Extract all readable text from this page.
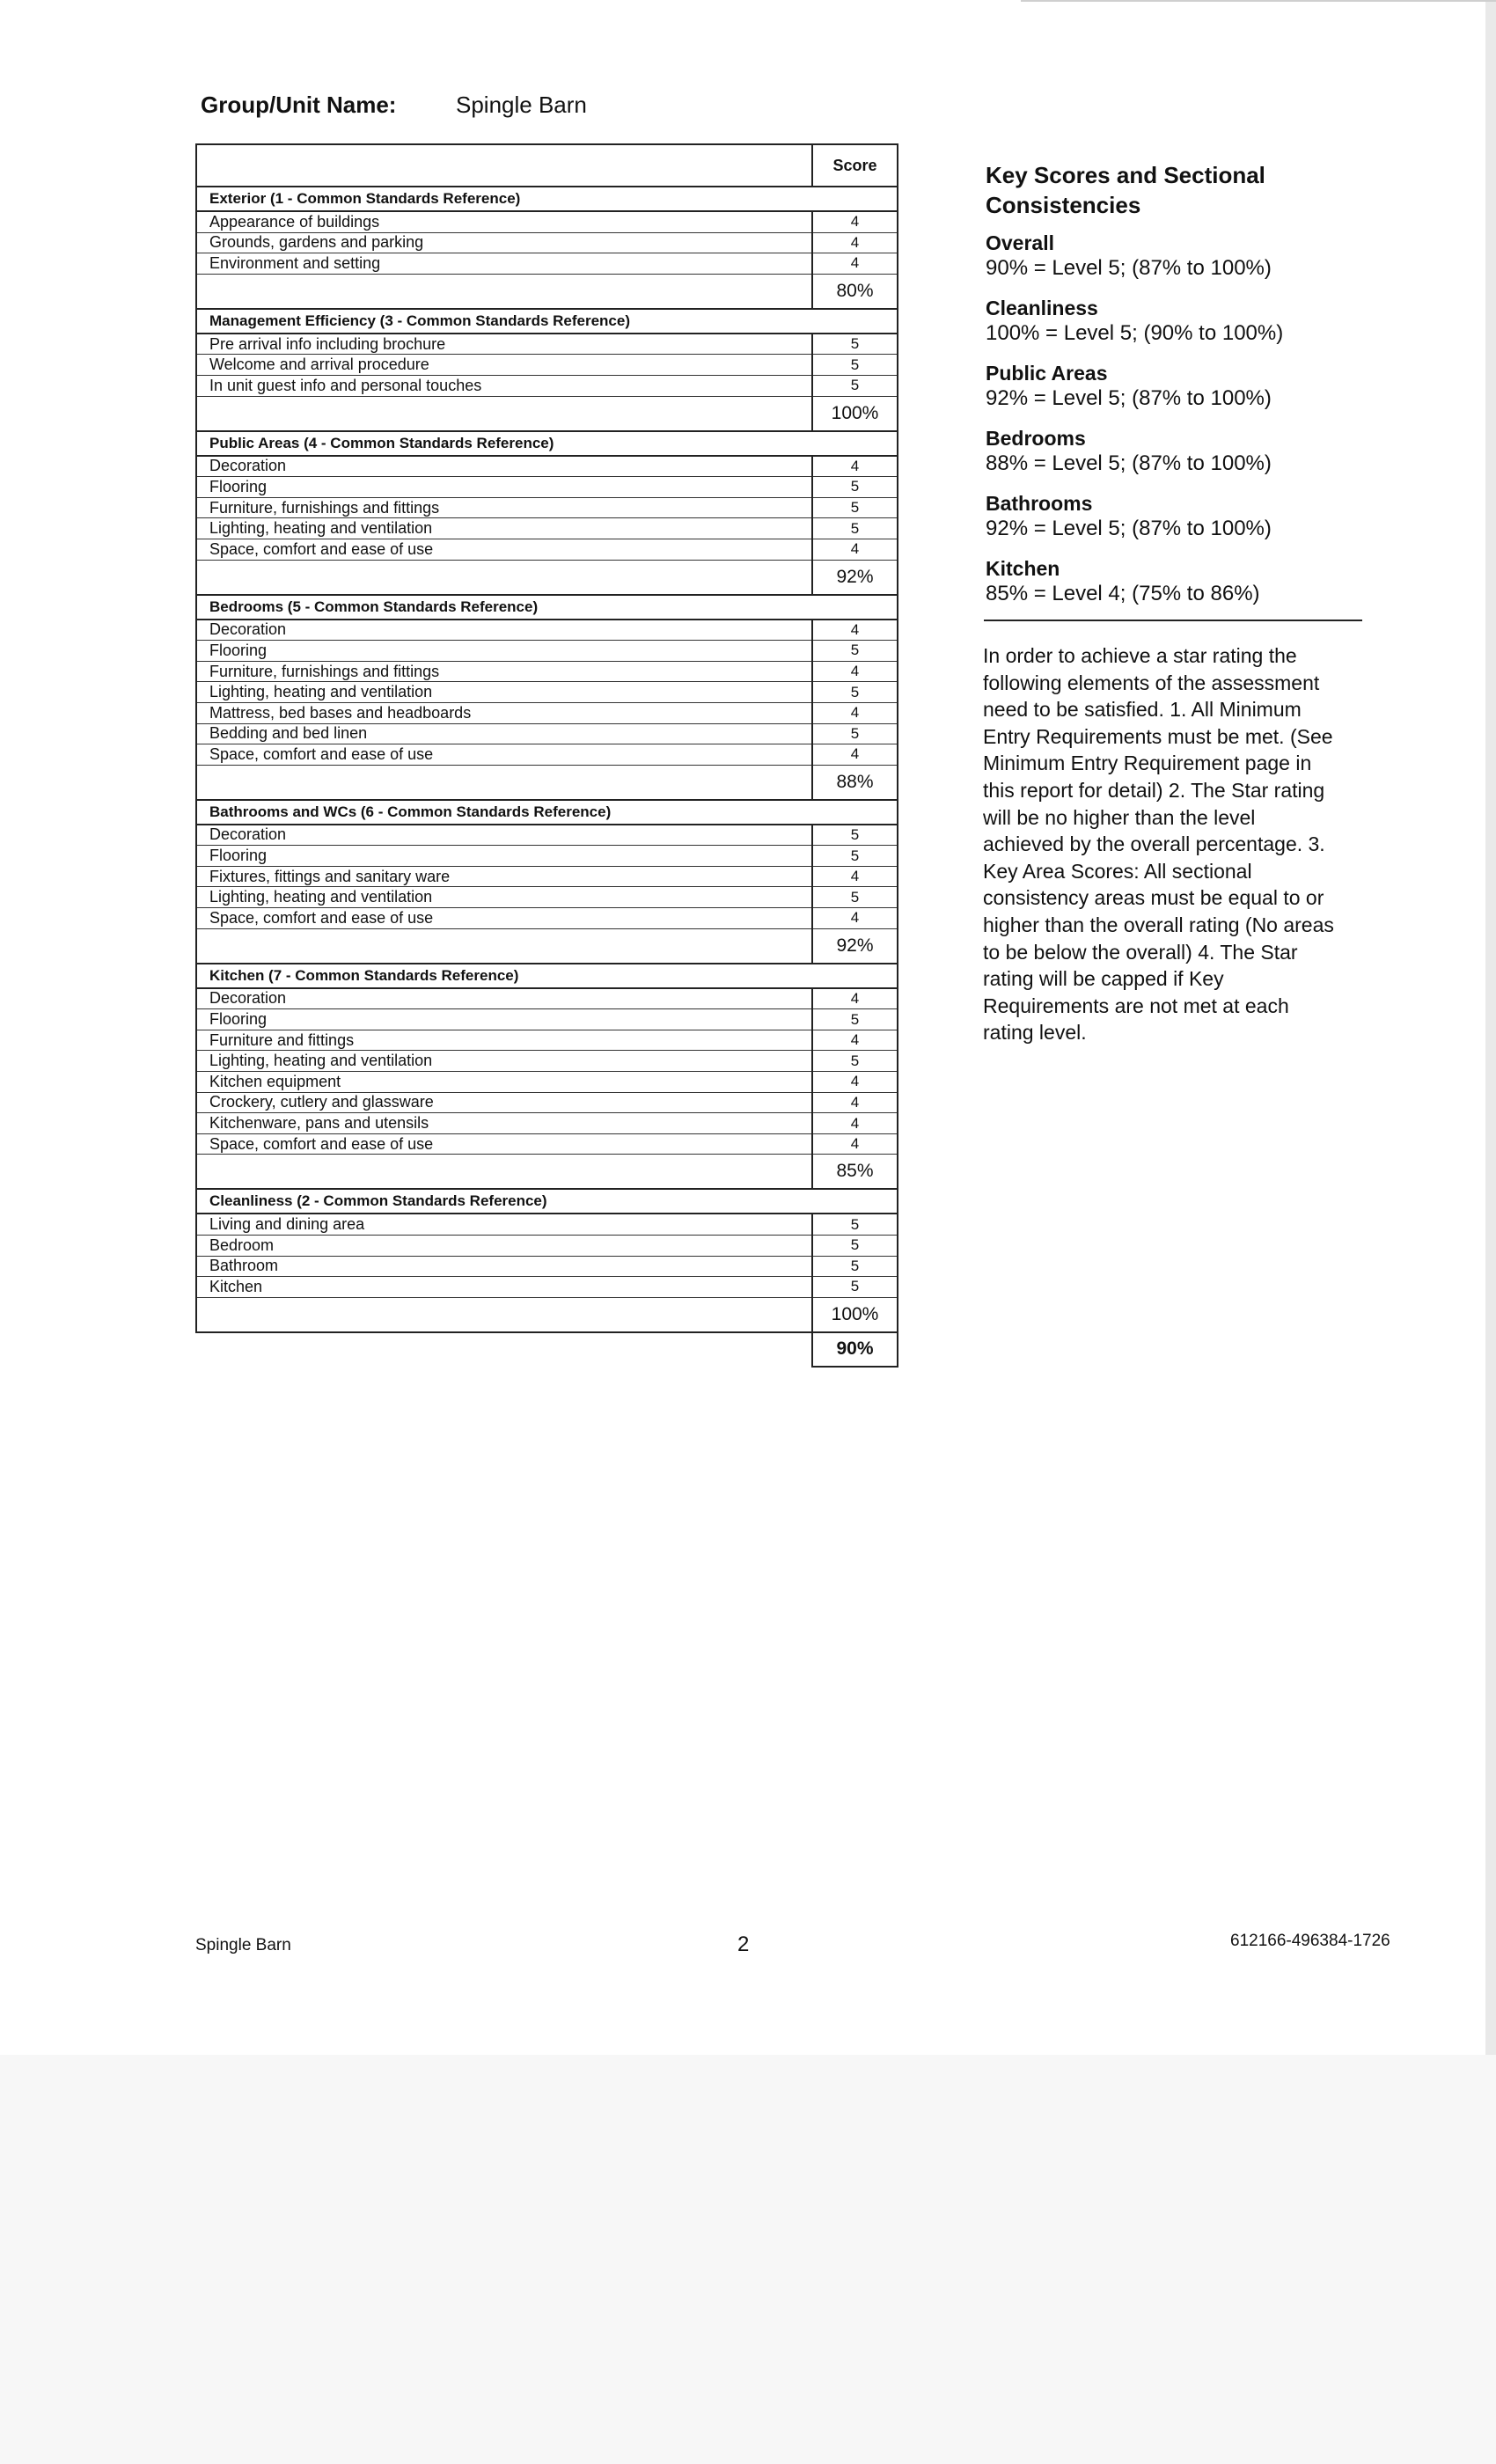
Group/Unit Name:	Spingle Barn
	Score
Exterior (1 - Common Standards Reference)	
Appearance of buildings	4
Grounds, gardens and parking	4
Environment and setting	4
	80%
Management Efficiency (3 - Common Standards Reference)	
Pre arrival info including brochure	5
Welcome and arrival procedure	5
In unit guest info and personal touches	5
	100%
Public Areas (4 - Common Standards Reference)	
Decoration	4
Flooring	5
Furniture, furnishings and fittings	5
Lighting, heating and ventilation	5
Space, comfort and ease of use	4
	92%
Bedrooms (5 - Common Standards Reference)	
Decoration	4
Flooring	5
Furniture, furnishings and fittings	4
Lighting, heating and ventilation	5
Mattress, bed bases and headboards	4
Bedding and bed linen	5
Space, comfort and ease of use	4
	88%
Bathrooms and WCs (6 - Common Standards Reference)	
Decoration	5
Flooring	5
Fixtures, fittings and sanitary ware	4
Lighting, heating and ventilation	5
Space, comfort and ease of use	4
	92%
Kitchen (7 - Common Standards Reference)	
Decoration	4
Flooring	5
Furniture and fittings	4
Lighting, heating and ventilation	5
Kitchen equipment	4
Crockery, cutlery and glassware	4
Kitchenware, pans and utensils	4
Space, comfort and ease of use	4
	85%
Cleanliness (2 - Common Standards Reference)	
Living and dining area	5
Bedroom	5
Bathroom	5
Kitchen	5
	100%
	90%
Key Scores and Sectional Consistencies
Overall
90% = Level 5; (87% to 100%)
Cleanliness
100% = Level 5; (90% to 100%)
Public Areas
92% = Level 5; (87% to 100%)
Bedrooms
88% = Level 5; (87% to 100%)
Bathrooms
92% = Level 5; (87% to 100%)
Kitchen
85% = Level 4; (75% to 86%)
In order to achieve a star rating the following elements of the assessment need to be satisfied. 1. All Minimum Entry Requirements must be met. (See Minimum Entry Requirement page in this report for detail) 2. The Star rating will be no higher than the level achieved by the overall percentage. 3. Key Area Scores: All sectional consistency areas must be equal to or higher than the overall rating (No areas to be below the overall) 4. The Star rating will be capped if Key Requirements are not met at each rating level.
Spingle Barn	2	612166-496384-1726
